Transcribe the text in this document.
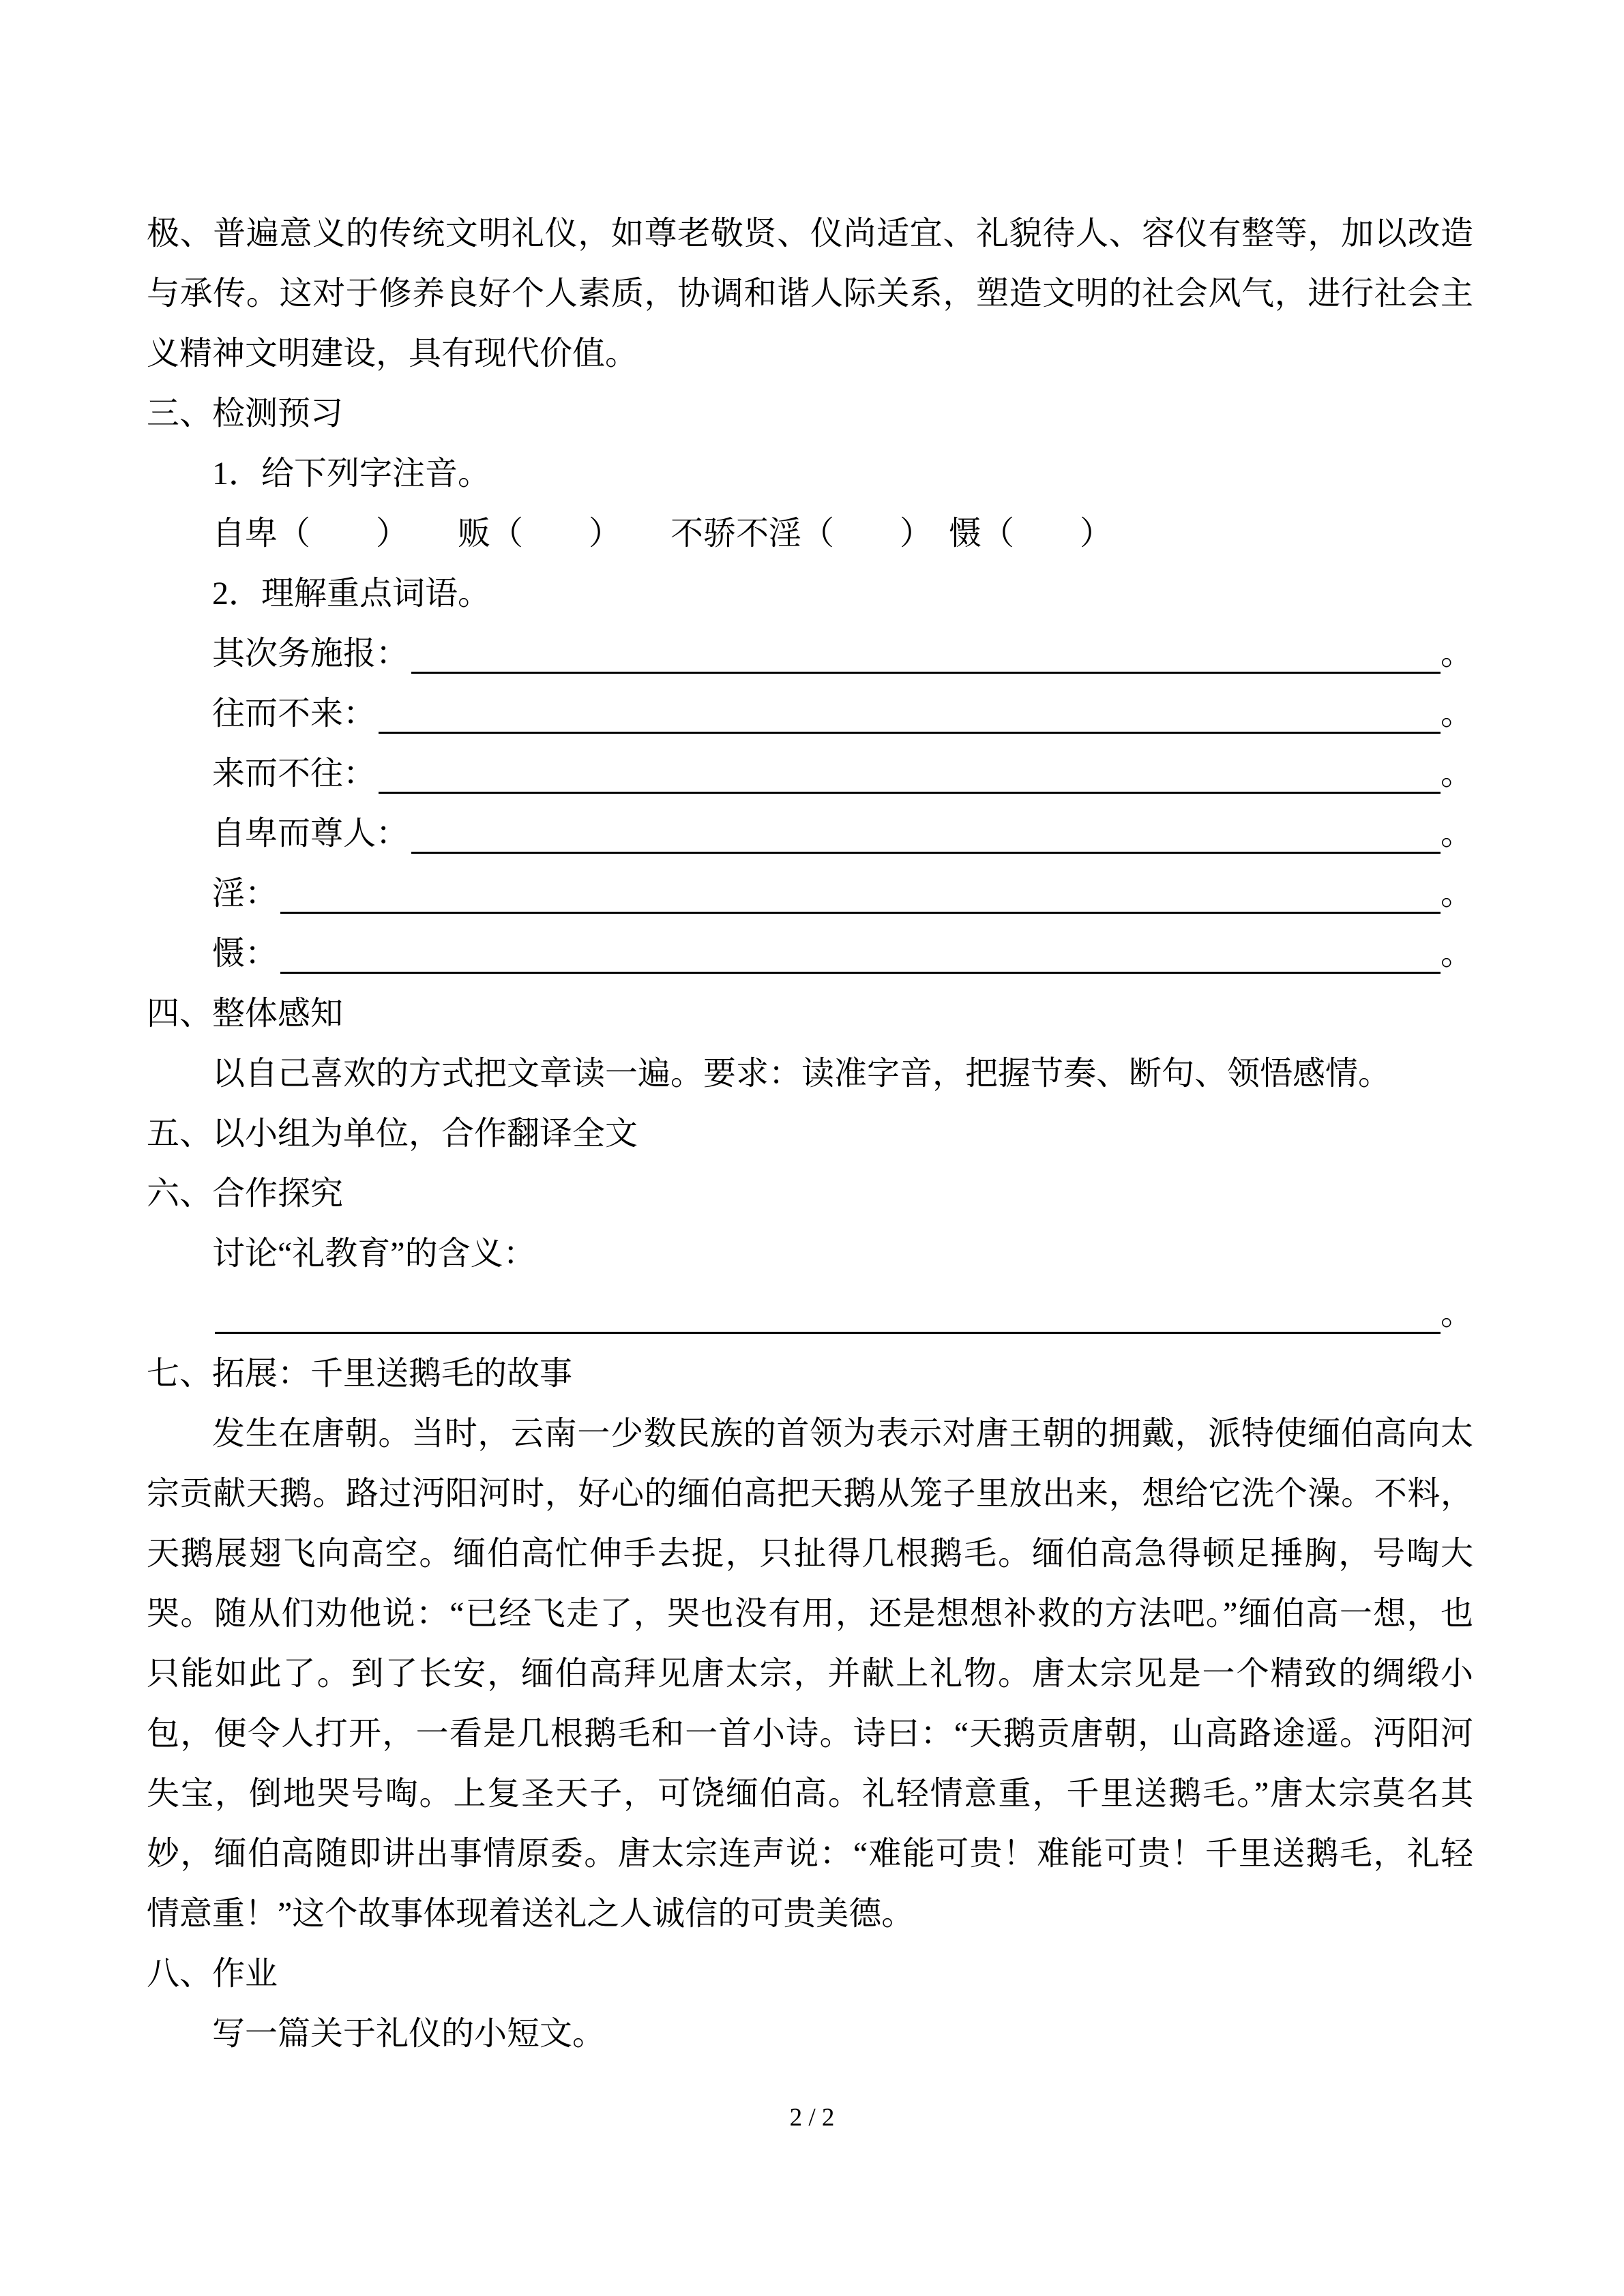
极、普遍意义的传统文明礼仪，如尊老敬贤、仪尚适宜、礼貌待人、容仪有整等，加以改造
与承传。这对于修养良好个人素质，协调和谐人际关系，塑造文明的社会风气，进行社会主
义精神文明建设，具有现代价值。
三、检测预习
1．给下列字注音。
自卑（　　）　　贩（　　）　　不骄不淫（　　）　慑（　　）
2．理解重点词语。
其次务施报：	。
往而不来：	。
来而不往：	。
自卑而尊人：	。
淫：	。
慑：	。
四、整体感知
以自己喜欢的方式把文章读一遍。要求：读准字音，把握节奏、断句、领悟感情。
五、以小组为单位，合作翻译全文
六、合作探究
讨论“礼教育”的含义：
。
七、拓展：千里送鹅毛的故事
发生在唐朝。当时，云南一少数民族的首领为表示对唐王朝的拥戴，派特使缅伯高向太
宗贡献天鹅。路过沔阳河时，好心的缅伯高把天鹅从笼子里放出来，想给它洗个澡。不料，
天鹅展翅飞向高空。缅伯高忙伸手去捉，只扯得几根鹅毛。缅伯高急得顿足捶胸，号啕大
哭。随从们劝他说：“已经飞走了，哭也没有用，还是想想补救的方法吧。”缅伯高一想，也
只能如此了。到了长安，缅伯高拜见唐太宗，并献上礼物。唐太宗见是一个精致的绸缎小
包，便令人打开，一看是几根鹅毛和一首小诗。诗曰：“天鹅贡唐朝，山高路途遥。沔阳河
失宝，倒地哭号啕。上复圣天子，可饶缅伯高。礼轻情意重，千里送鹅毛。”唐太宗莫名其
妙，缅伯高随即讲出事情原委。唐太宗连声说：“难能可贵！难能可贵！千里送鹅毛，礼轻
情意重！”这个故事体现着送礼之人诚信的可贵美德。
八、作业
写一篇关于礼仪的小短文。
2 / 2
